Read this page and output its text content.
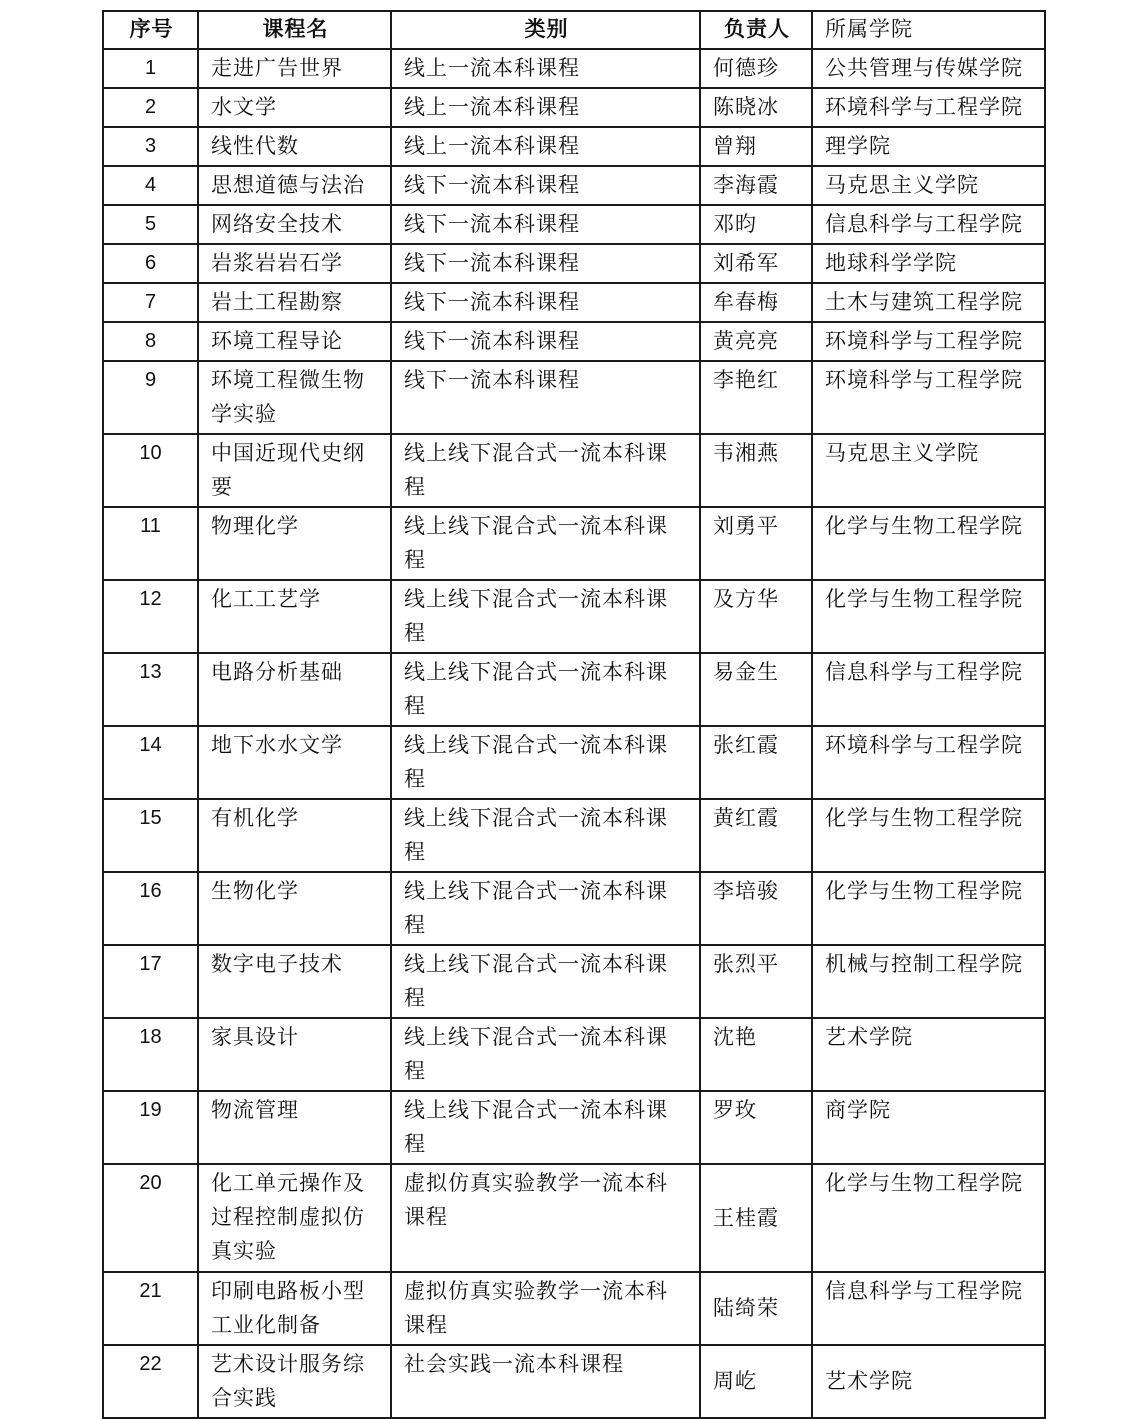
序号	课程名	类别	负责人	所属学院
1	走进广告世界	线上一流本科课程	何德珍	公共管理与传媒学院
2	水文学	线上一流本科课程	陈晓冰	环境科学与工程学院
3	线性代数	线上一流本科课程	曾翔	理学院
4	思想道德与法治	线下一流本科课程	李海霞	马克思主义学院
5	网络安全技术	线下一流本科课程	邓昀	信息科学与工程学院
6	岩浆岩岩石学	线下一流本科课程	刘希军	地球科学学院
7	岩土工程勘察	线下一流本科课程	牟春梅	土木与建筑工程学院
8	环境工程导论	线下一流本科课程	黄亮亮	环境科学与工程学院
9	环境工程微生物学实验	线下一流本科课程	李艳红	环境科学与工程学院
10	中国近现代史纲要	线上线下混合式一流本科课程	韦湘燕	马克思主义学院
11	物理化学	线上线下混合式一流本科课程	刘勇平	化学与生物工程学院
12	化工工艺学	线上线下混合式一流本科课程	及方华	化学与生物工程学院
13	电路分析基础	线上线下混合式一流本科课程	易金生	信息科学与工程学院
14	地下水水文学	线上线下混合式一流本科课程	张红霞	环境科学与工程学院
15	有机化学	线上线下混合式一流本科课程	黄红霞	化学与生物工程学院
16	生物化学	线上线下混合式一流本科课程	李培骏	化学与生物工程学院
17	数字电子技术	线上线下混合式一流本科课程	张烈平	机械与控制工程学院
18	家具设计	线上线下混合式一流本科课程	沈艳	艺术学院
19	物流管理	线上线下混合式一流本科课程	罗玫	商学院
20	化工单元操作及过程控制虚拟仿真实验	虚拟仿真实验教学一流本科课程	王桂霞	化学与生物工程学院
21	印刷电路板小型工业化制备	虚拟仿真实验教学一流本科课程	陆绮荣	信息科学与工程学院
22	艺术设计服务综合实践	社会实践一流本科课程	周屹	艺术学院
